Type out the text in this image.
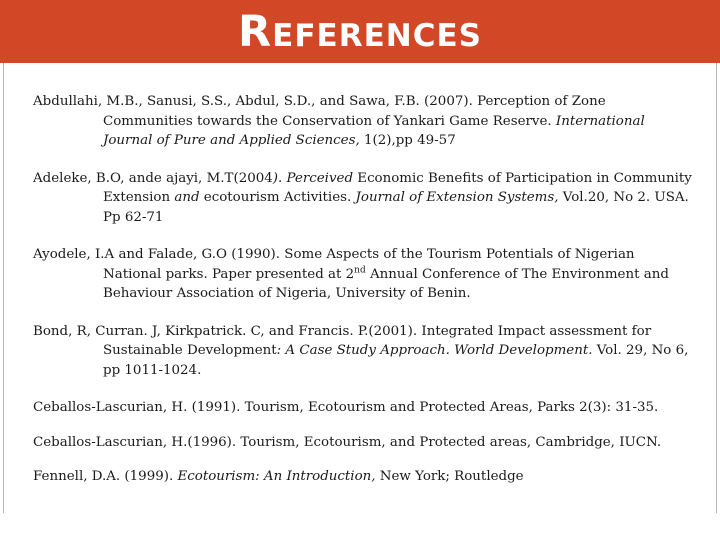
REFERENCES

Abdullahi, M.B., Sanusi, S.S., Abdul, S.D., and Sawa, F.B. (2007). Perception of Zone Communities towards the Conservation of Yankari Game Reserve. International Journal of Pure and Applied Sciences, 1(2),pp 49-57

Adeleke, B.O, ande ajayi, M.T(2004). Perceived Economic Benefits of Participation in Community Extension and ecotourism Activities. Journal of Extension Systems, Vol.20, No 2. USA. Pp 62-71

Ayodele, I.A and Falade, G.O (1990). Some Aspects of the Tourism Potentials of Nigerian National parks. Paper presented at 2nd Annual Conference of The Environment and Behaviour Association of Nigeria, University of Benin.

Bond, R, Curran. J, Kirkpatrick. C, and Francis. P.(2001). Integrated Impact assessment for Sustainable Development: A Case Study Approach. World Development. Vol. 29, No 6, pp 1011-1024.

Ceballos-Lascurian, H. (1991). Tourism, Ecotourism and Protected Areas, Parks 2(3): 31-35.

Ceballos-Lascurian, H.(1996). Tourism, Ecotourism, and Protected areas, Cambridge, IUCN.

Fennell, D.A. (1999). Ecotourism: An Introduction, New York; Routledge
